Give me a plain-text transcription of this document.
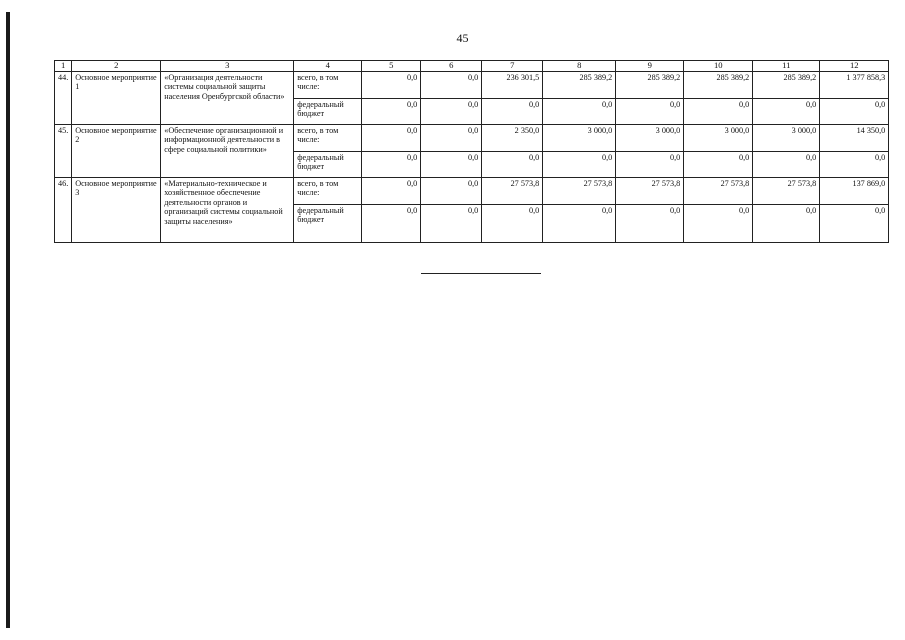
45
1	2	3	4	5	6	7	8	9	10	11	12
44.	Основное мероприятие 1	«Организация деятельности системы социальной защиты населения Оренбургской области»	всего, в том числе:	0,0	0,0	236 301,5	285 389,2	285 389,2	285 389,2	285 389,2	1 377 858,3
			федеральный бюджет	0,0	0,0	0,0	0,0	0,0	0,0	0,0	0,0
45.	Основное мероприятие 2	«Обеспечение организационной и информационной деятельности в сфере социальной политики»	всего, в том числе:	0,0	0,0	2 350,0	3 000,0	3 000,0	3 000,0	3 000,0	14 350,0
			федеральный бюджет	0,0	0,0	0,0	0,0	0,0	0,0	0,0	0,0
46.	Основное мероприятие 3	«Материально-техническое и хозяйственное обеспечение деятельности органов и организаций системы социальной защиты населения»	всего, в том числе:	0,0	0,0	27 573,8	27 573,8	27 573,8	27 573,8	27 573,8	137 869,0
			федеральный бюджет	0,0	0,0	0,0	0,0	0,0	0,0	0,0	0,0
